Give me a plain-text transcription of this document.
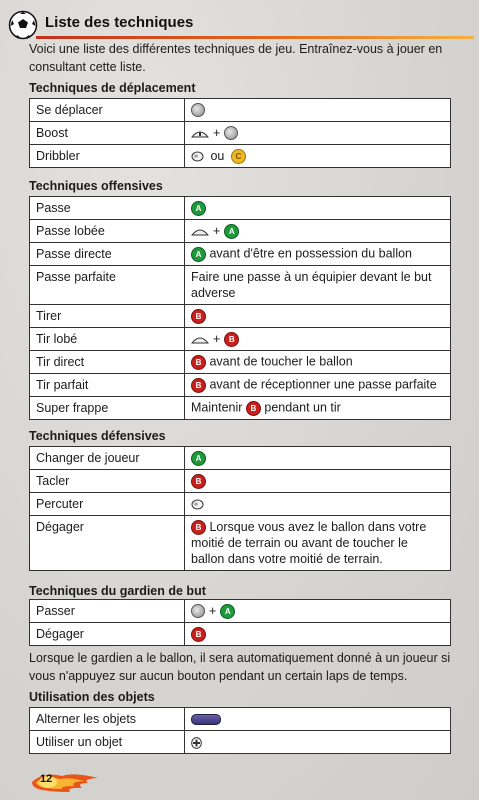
Liste des techniques
Voici une liste des différentes techniques de jeu. Entraînez-vous à jouer en consultant cette liste.
Techniques de déplacement
Se déplacer	
Boost	+
Dribbler	ou C
Techniques offensives
Passe	A
Passe lobée	+ A
Passe directe	A avant d'être en possession du ballon
Passe parfaite	Faire une passe à un équipier devant le but adverse
Tirer	B
Tir lobé	+ B
Tir direct	B avant de toucher le ballon
Tir parfait	B avant de réceptionner une passe parfaite
Super frappe	Maintenir B pendant un tir
Techniques défensives
Changer de joueur	A
Tacler	B
Percuter	
Dégager	B Lorsque vous avez le ballon dans votre moitié de terrain ou avant de toucher le ballon dans votre moitié de terrain.
Techniques du gardien de but
Passer	+ A
Dégager	B
Lorsque le gardien a le ballon, il sera automatiquement donné à un joueur si vous n'appuyez sur aucun bouton pendant un certain laps de temps.
Utilisation des objets
Alterner les objets	
Utiliser un objet	
12
